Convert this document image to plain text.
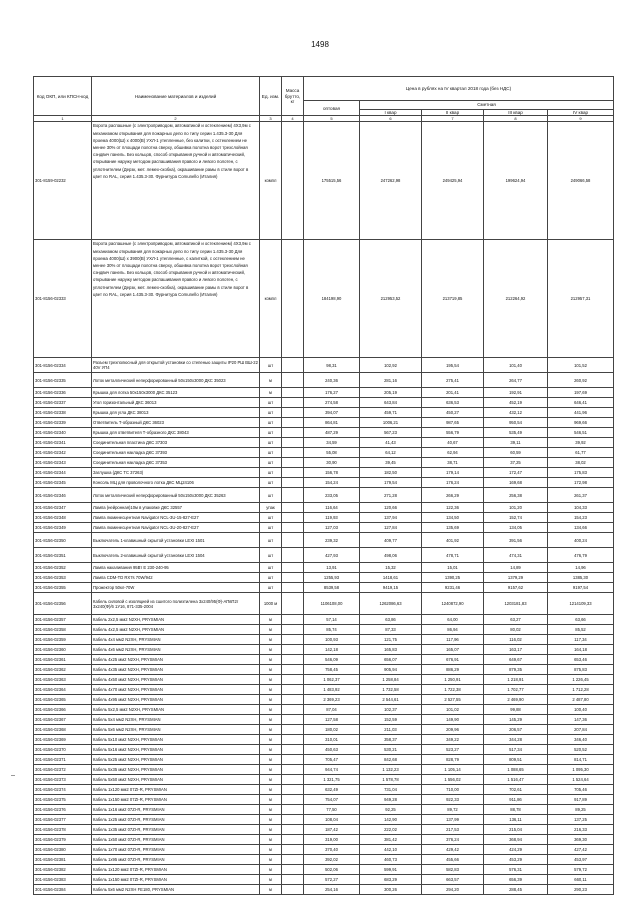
1498
Код ОКП, или КПСН-код	Наименование материалов и изделий	Ед. изм.	Масса брутто, кг	Цена в рублях на IV квартал 2018 года (без НДС)				
				оптовая	Сметная			
					I квар	II квар	III квар	IV квар
1	2	3	4	5	6	7	8	9
301-8159-02232	Ворота распашные (с электроприводом, автоматикой и остеклением) 4Х3,9м с механизмом открывания для пожарных депо по типу серии 1.435.3-30 Для проема 4000(Ш) х 4000(В) УХЛ-1 утепленные, без калитки, с остеклением не менее 30% от площади полотна сверху, обшивка полотна ворот трехслойная сэндвич панель. Без кольцов, способ открывания ручной и автоматический, открывание наружу методом распашивания правого и левого полотен, с уплотнителем (Дерзк, мет. лемех-скобка), окрашивание рамы в стиле ворот в цвет по RAL, серия 1.435.3-30. Фурнитура Comunello (Италия)	компл		175515,56	247262,98	249425,94	199624,94	249066,58
301-8156-02333	Ворота распашные (с электроприводом, автоматикой и остеклением) 4Х3,9м с механизмом открывания для пожарных депо по типу серии 1.435.3-30 Для проема 4000(Ш) х 3900(В) УХЛ-1 утепленные, с калиткой, с остеклением не менее 30% от площади полотна сверху, обшивка полотна ворот трехслойная сэндвич панель. Без кольцов, способ открывания ручной и автоматический, открывание наружу методом распашивания правого и левого полотен, с уплотнителем (Дерзк, мет. лемех-скобка), окрашивание рамы в стиле ворот в цвет по RAL, серия 1.435.3-30. Фурнитура Comunello (Италия)	компл		184198,90	212953,52	213719,85	212264,92	212957,31
301-8156-02334	Разъем трехполюсный для открытой установки со степенью защиты IP20 РШ ВШ-22 40V УП4	шт		98,31	102,92	195,54	101,40	101,52
301-8156-02335	Лоток металлический неперфорированный 50х150х3000 ДКС 35023	м		240,36	281,16	275,41	264,77	260,92
301-8156-02336	Крышка для лотка 50х150х3000 ДКС 35123	м		176,27	205,19	201,41	192,91	197,69
301-8156-02337	Угол горизонтальный ДКС 36013	шт		274,58	643,84	636,53	452,19	646,41
301-8156-02338	Крышка для угла ДКС 38013	шт		394,07	459,71	450,27	432,12	441,96
301-8156-02339	Ответвитель Т-образный ДКС 36023	шт		864,81	1006,21	987,65	950,54	969,66
301-8156-02340	Крышка для ответвителя Т-образного ДКС 38043	шт		487,29	567,23	556,79	535,49	546,51
301-8156-02341	Соединительная пластина ДКС 37303	шт		34,59	41,43	40,67	39,11	39,92
301-8156-02342	Соединительная накладка ДКС 37393	шт		55,08	64,12	62,94	60,59	61,77
301-8156-02343	Соединительная накладка ДКС 37353	шт		30,90	39,45	38,71	37,25	38,02
301-8156-02344	Заглушка (ДКС ТС 37263)	шт		156,78	182,50	179,14	172,47	175,83
301-8156-02345	Консоль МЦ для проволочного лотка ДКС МЦ24106	шт		154,24	179,54	176,24	169,68	172,98
301-8156-02346	Лоток металлический неперфорированный 50х150х3000 ДКС 35263	шт		233,05	271,28	266,29	256,38	261,37
301-8156-02347	Лампа (нейронная)10м в упаковке ДКС 32557	упак		116,64	120,66	122,36	101,20	104,33
301-8156-02348	Лампа люминесцентная Navigator NCL-3U-15-827-E27	шт		119,93	137,94	134,50	152,74	154,23
301-8156-02349	Лампа люминесцентная Navigator NCL-3U-20-827-E27	шт		127,03	127,84	135,69	134,05	134,66
301-8156-02350	Выключатель 1-клавишный скрытой установки LEXI 1501	шт		239,32	409,77	401,92	391,56	400,24
301-8156-02351	Выключатель 2-клавишный скрытой установки LEXI 1504	шт		427,93	498,06	478,71	474,31	476,79
301-8156-02352	Лампа накаливания 95Вт Е 230-240-95	шт		13,91	15,32	15,01	14,89	14,96
301-8156-02353	Лампа CDM-TD RX7s 70W/942	шт		1255,93	1418,61	1390,25	1379,29	1385,30
301-8156-02355	Прожектор 50кл-70W	шт		8539,58	9419,15	9231,46	9157,62	9197,54
301-8156-02356	Кабель силовой с изоляцией из сшитого полиэтилена 3х240/95(Ф)-АПвП2г 3х240(Ф)/6 1У16, 871-335-2004	1000 м		1106108,00	1262086,63	1240872,90	1203181,83	1214109,33
301-8156-02357	Кабель 2х2,5 мм2 N2XH, PRYSMIAN	м		57,14	63,86	64,00	63,27	63,66
301-8156-02358	Кабель 4х2,5 мм2 N2XH, PRYSMIAN	м		85,74	87,33	86,94	80,02	85,52
301-8156-02359	Кабель 4х4 мм2 N2XH, PRYSMIAN	м		100,93	121,75	117,96	116,02	117,34
301-8156-02360	Кабель 4х6 мм2 N2XH, PRYSMIAN	м		142,18	165,83	165,07	163,17	164,18
301-8156-02361	Кабель 4х25 мм2 N2XH, PRYSMIAN	м		546,09	656,07	676,91	649,67	653,46
301-8156-02362	Кабель 4х35 мм2 N2XH, PRYSMIAN	м		758,45	905,94	886,29	879,35	875,83
301-8156-02363	Кабель 4х50 мм2 N2XH, PRYSMIAN	м		1 062,37	1 258,84	1 250,91	1 218,91	1 226,45
301-8156-02364	Кабель 4х70 мм2 N2XH, PRYSMIAN	м		1 483,92	1 732,58	1 722,38	1 702,77	1 712,28
301-8156-02365	Кабель 4х95 мм2 N2XH, PRYSMIAN	м		2 369,23	2 544,61	2 527,55	2 469,90	2 487,80
301-8156-02366	Кабель 5х2,5 мм2 N2XH, PRYSMIAN	м		87,04	102,37	101,02	99,88	100,40
301-8156-02367	Кабель 5х4 мм2 N2XH, PRYSMIAN	м		127,58	152,59	149,90	145,29	147,36
301-8156-02368	Кабель 5х6 мм2 N2XH, PRYSMIAN	м		180,02	211,03	209,96	206,57	207,84
301-8156-02369	Кабель 5х10 мм2 N2XH, PRYSMIAN	м		310,01	358,37	349,22	344,28	346,40
301-8156-02370	Кабель 5х16 мм2 N2XH, PRYSMIAN	м		450,63	530,21	523,27	517,34	520,52
301-8156-02371	Кабель 5х25 мм2 N2XH, PRYSMIAN	м		705,47	842,68	828,79	809,51	814,71
301-8156-02372	Кабель 5х35 мм2 N2XH, PRYSMIAN	м		944,74	1 132,23	1 105,14	1 088,65	1 095,30
301-8156-02373	Кабель 5х50 мм2 N2XH, PRYSMIAN	м		1 321,75	1 578,78	1 556,02	1 516,47	1 524,64
301-8156-02374	Кабель 1х120 мм2 07ZI-R, PRYSMIAN	м		632,49	731,04	710,00	702,61	705,46
301-8156-02375	Кабель 1х150 мм2 07ZI-R, PRYSMIAN	м		754,07	949,28	922,33	911,86	917,89
301-8156-02376	Кабель 1х16 мм2 07ZI-R, PRYSMIAN	м		77,50	92,25	89,72	88,78	89,25
301-8156-02377	Кабель 1х25 мм2 07ZI-R, PRYSMIAN	м		108,04	142,90	137,99	136,11	137,25
301-8156-02378	Кабель 1х35 мм2 07ZI-R, PRYSMIAN	м		187,42	222,02	217,53	215,04	216,33
301-8156-02379	Кабель 1х50 мм2 07ZI-R, PRYSMIAN	м		319,00	381,42	376,24	368,94	369,30
301-8156-02380	Кабель 1х70 мм2 07ZI-R, PRYSMIAN	м		370,40	442,10	429,42	424,29	427,42
301-8156-02381	Кабель 1х95 мм2 07ZI-R, PRYSMIAN	м		392,02	460,73	455,66	453,29	453,97
301-8156-02382	Кабель 1х120 мм2 07ZI-R, PRYSMIAN	м		502,06	599,91	582,83	576,31	579,72
301-8156-02383	Кабель 1х150 мм2 07ZI-R, PRYSMIAN	м		572,27	683,29	663,57	656,39	660,11
301-8156-02384	Кабель 5х6 мм2 N2XH FE180, PRYSMIAN	м		254,16	300,26	294,20	288,45	290,23
